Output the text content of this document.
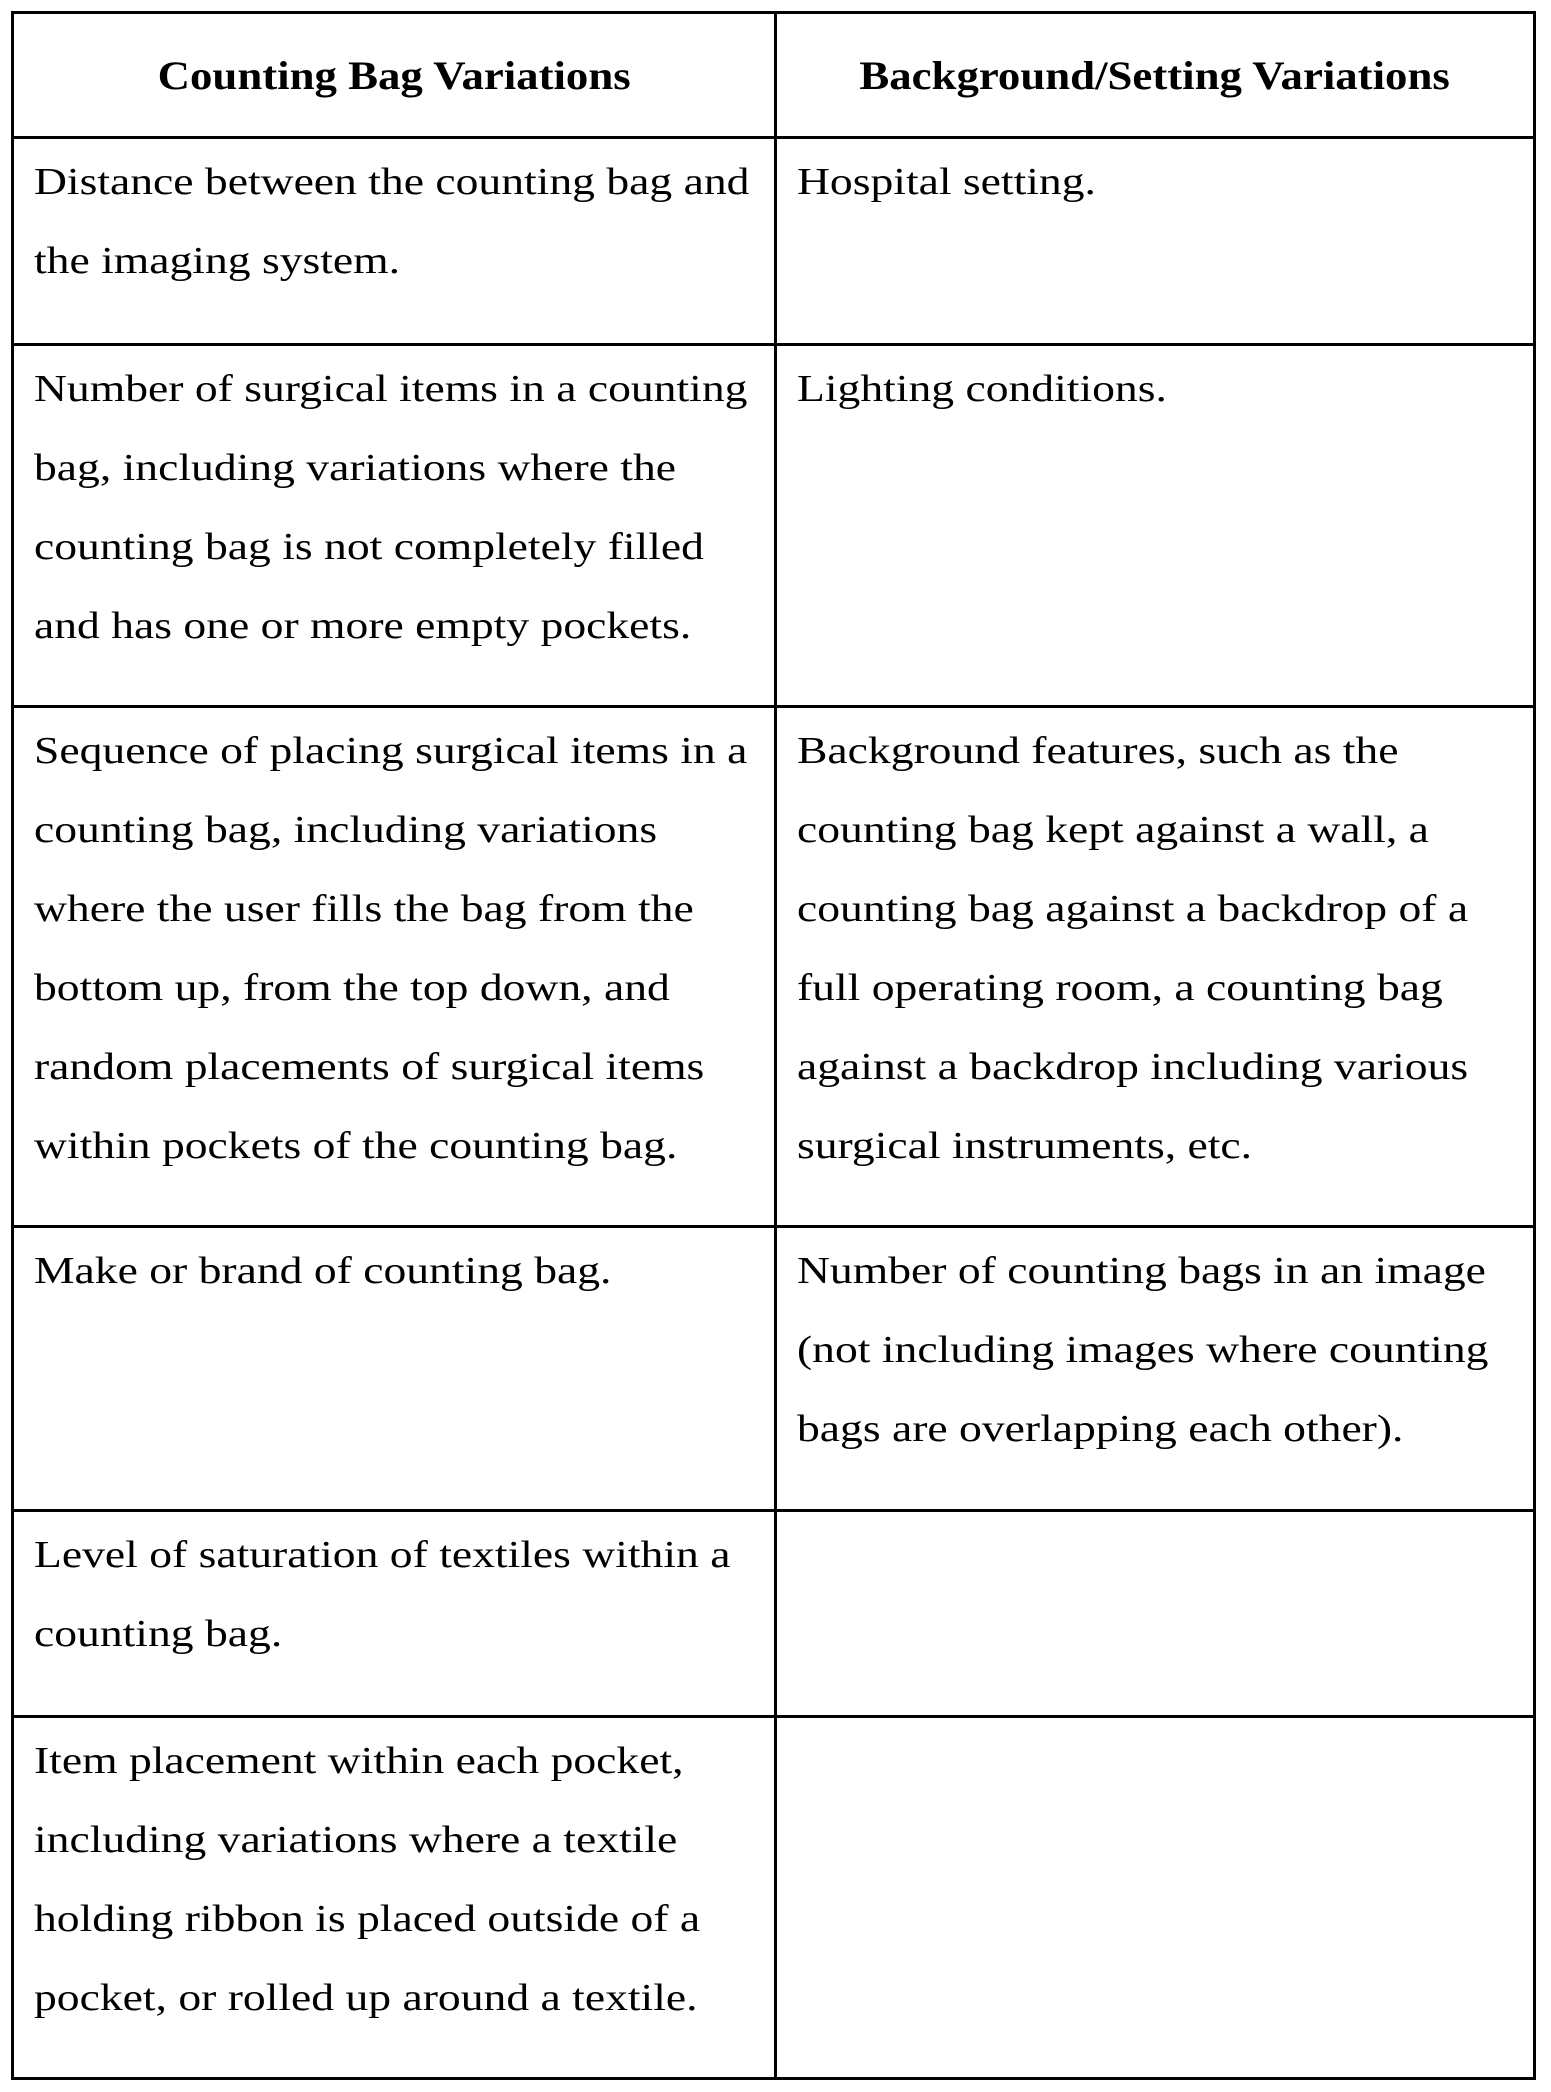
Counting Bag Variations	Background/Setting Variations
Distance between the counting bag and
the imaging system.
Hospital setting.
Number of surgical items in a counting
bag, including variations where the
counting bag is not completely filled
and has one or more empty pockets.
Lighting conditions.
Sequence of placing surgical items in a
counting bag, including variations
where the user fills the bag from the
bottom up, from the top down, and
random placements of surgical items
within pockets of the counting bag.
Background features, such as the
counting bag kept against a wall, a
counting bag against a backdrop of a
full operating room, a counting bag
against a backdrop including various
surgical instruments, etc.
Make or brand of counting bag.	Number of counting bags in an image
(not including images where counting
bags are overlapping each other).
Level of saturation of textiles within a
counting bag.
Item placement within each pocket,
including variations where a textile
holding ribbon is placed outside of a
pocket, or rolled up around a textile.
